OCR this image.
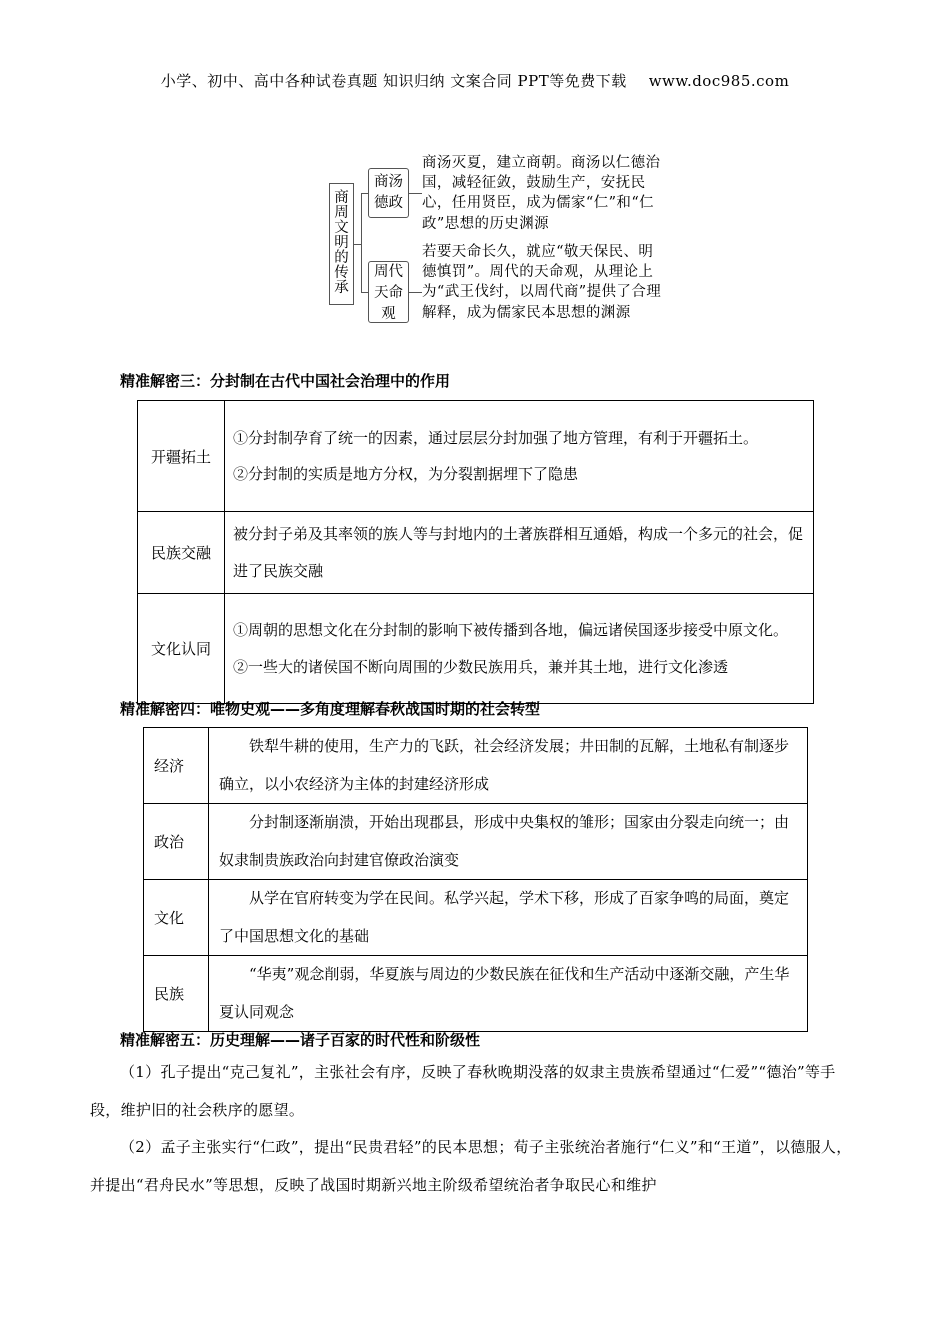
小学、初中、高中各种试卷真题 知识归纳 文案合同 PPT等免费下载 www.doc985.com
商周文明的传承
商汤德政
周代天命观
商汤灭夏，建立商朝。商汤以仁德治国，减轻征敛，鼓励生产，安抚民心，任用贤臣，成为儒家“仁”和“仁政”思想的历史渊源
若要天命长久，就应“敬天保民、明德慎罚”。周代的天命观，从理论上为“武王伐纣，以周代商”提供了合理解释，成为儒家民本思想的渊源
精准解密三：分封制在古代中国社会治理中的作用
开疆拓土	①分封制孕育了统一的因素，通过层层分封加强了地方管理，有利于开疆拓土。
②分封制的实质是地方分权，为分裂割据埋下了隐患

民族交融	被分封子弟及其率领的族人等与封地内的土著族群相互通婚，构成一个多元的社会，促进了民族交融

文化认同	①周朝的思想文化在分封制的影响下被传播到各地，偏远诸侯国逐步接受中原文化。
②一些大的诸侯国不断向周围的少数民族用兵，兼并其土地，进行文化渗透
精准解密四：唯物史观——多角度理解春秋战国时期的社会转型
经济	铁犁牛耕的使用，生产力的飞跃，社会经济发展；井田制的瓦解，土地私有制逐步确立，以小农经济为主体的封建经济形成
政治	分封制逐渐崩溃，开始出现郡县，形成中央集权的雏形；国家由分裂走向统一；由奴隶制贵族政治向封建官僚政治演变
文化	从学在官府转变为学在民间。私学兴起，学术下移，形成了百家争鸣的局面，奠定了中国思想文化的基础
民族	“华夷”观念削弱，华夏族与周边的少数民族在征伐和生产活动中逐渐交融，产生华夏认同观念
精准解密五：历史理解——诸子百家的时代性和阶级性
（1）孔子提出“克己复礼”，主张社会有序，反映了春秋晚期没落的奴隶主贵族希望通过“仁爱”“德治”等手段，维护旧的社会秩序的愿望。
（2）孟子主张实行“仁政”，提出“民贵君轻”的民本思想；荀子主张统治者施行“仁义”和“王道”，以德服人，并提出“君舟民水”等思想，反映了战国时期新兴地主阶级希望统治者争取民心和维护
